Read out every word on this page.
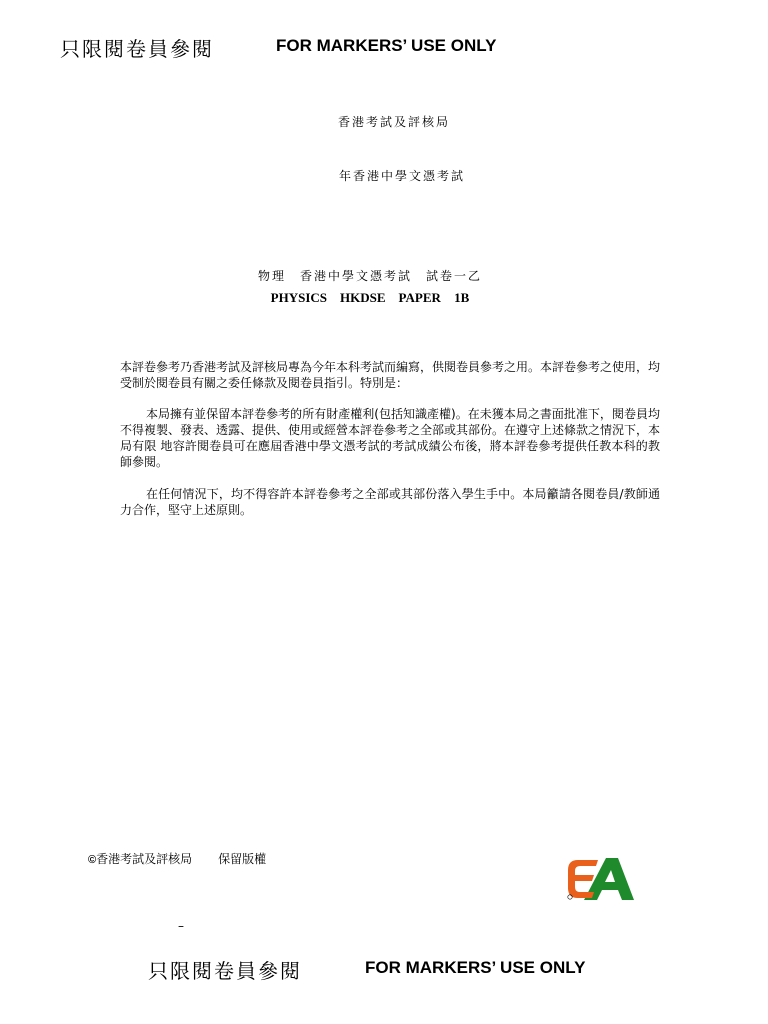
只限閱卷員參閱	FOR MARKERS’ USE ONLY
香港考試及評核局
年香港中學文憑考試
物理　香港中學文憑考試　試卷一乙
PHYSICS　HKDSE　PAPER 1B
本評卷參考乃香港考試及評核局專為今年本科考試而編寫，供閱卷員參考之用。本評卷參考之使用，均受制於閱卷員有關之委任條款及閱卷員指引。特別是：
本局擁有並保留本評卷參考的所有財產權利(包括知識產權)。在未獲本局之書面批准下，閱卷員均不得複製、發表、透露、提供、使用或經營本評卷參考之全部或其部份。在遵守上述條款之情況下，本局有限 地容許閱卷員可在應屆香港中學文憑考試的考試成績公布後，將本評卷參考提供任教本科的教師參閱。
在任何情況下，均不得容許本評卷參考之全部或其部份落入學生手中。本局籲請各閱卷員/教師通力合作，堅守上述原則。
©香港考試及評核局 保留版權
–
只限閱卷員參閱	FOR MARKERS’ USE ONLY
